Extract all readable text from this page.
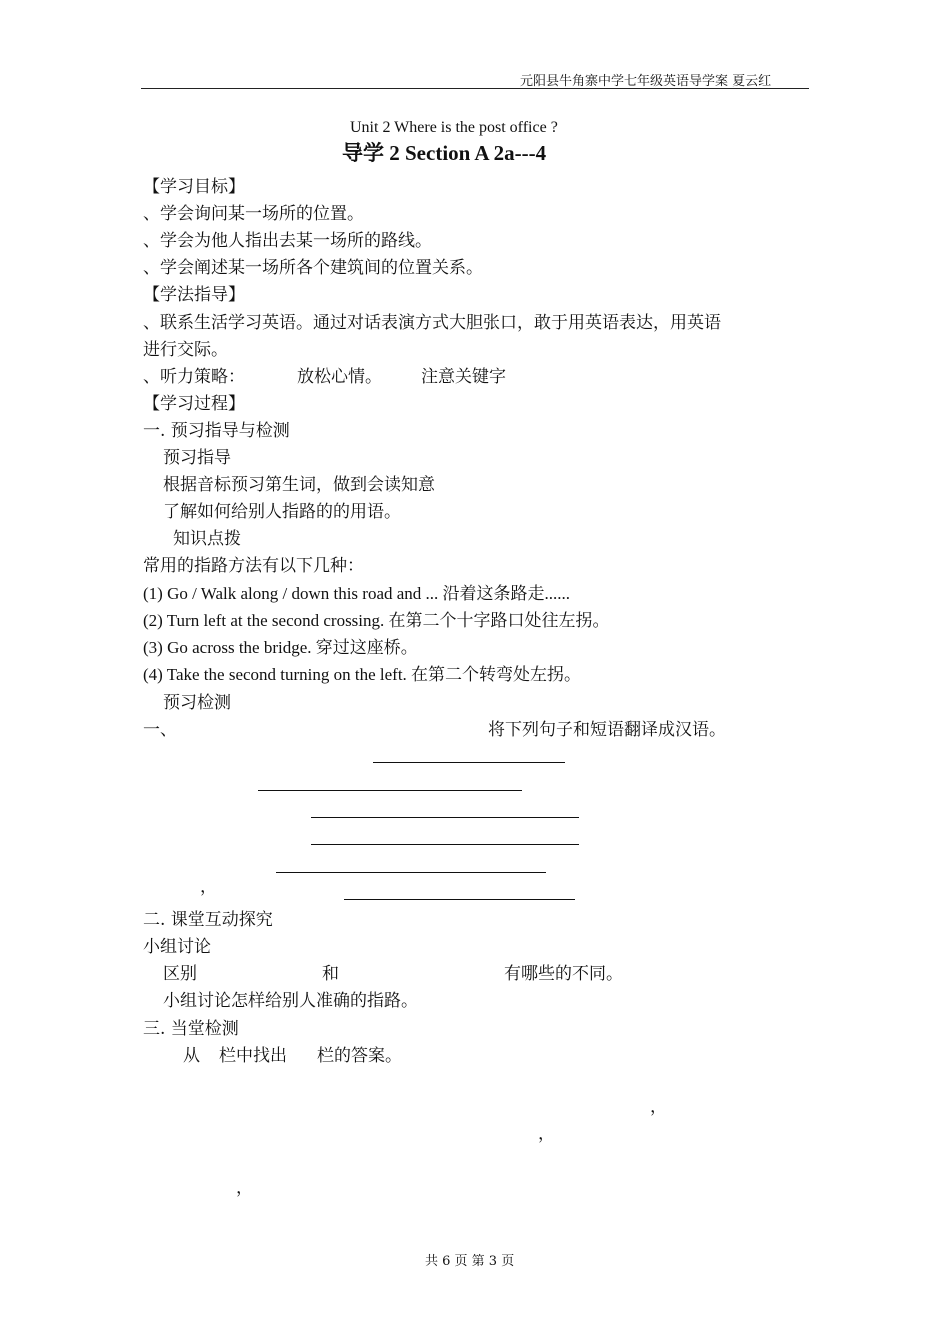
元阳县牛角寨中学七年级英语导学案 夏云红
Unit 2 Where is the post office ?
导学 2 Section A 2a---4
【学习目标】
、学会询问某一场所的位置。
、学会为他人指出去某一场所的路线。
、学会阐述某一场所各个建筑间的位置关系。
【学法指导】
、联系生活学习英语。通过对话表演方式大胆张口，敢于用英语表达，用英语
进行交际。
、听力策略：	放松心情。 注意关键字
【学习过程】
一. 预习指导与检测
预习指导
根据音标预习第生词，做到会读知意
了解如何给别人指路的的用语。
知识点拨
常用的指路方法有以下几种：
(1) Go / Walk along / down this road and ... 沿着这条路走......
(2) Turn left at the second crossing. 在第二个十字路口处往左拐。
(3) Go across the bridge. 穿过这座桥。
(4) Take the second turning on the left. 在第二个转弯处左拐。
预习检测
一、	将下列句子和短语翻译成汉语。
，
二. 课堂互动探究
小组讨论
区别	和	有哪些的不同。
小组讨论怎样给别人准确的指路。
三. 当堂检测
从 栏中找出 栏的答案。
，
，
，
共 6 页 第 3 页
